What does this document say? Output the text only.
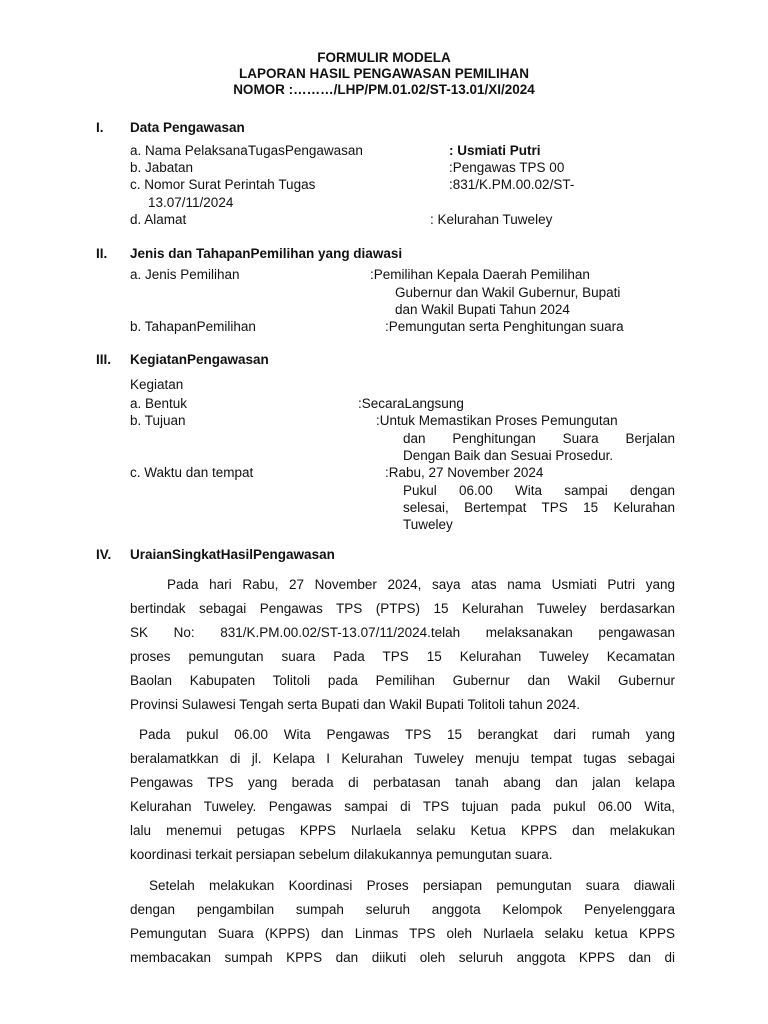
FORMULIR MODELA
LAPORAN HASIL PENGAWASAN PEMILIHAN
NOMOR :………/LHP/PM.01.02/ST-13.01/XI/2024
I. Data Pengawasan
a. Nama PelaksanaTugasPengawasan	: Usmiati Putri
b. Jabatan	:Pengawas TPS 00
c. Nomor Surat Perintah Tugas	:831/K.PM.00.02/ST-
13.07/11/2024
d. Alamat	: Kelurahan Tuweley
II. Jenis dan TahapanPemilihan yang diawasi
a. Jenis Pemilihan	:Pemilihan Kepala Daerah Pemilihan
Gubernur dan Wakil Gubernur, Bupati
dan Wakil Bupati Tahun 2024
b. TahapanPemilihan	:Pemungutan serta Penghitungan suara
III. KegiatanPengawasan
Kegiatan
a. Bentuk	:SecaraLangsung
b. Tujuan	:Untuk Memastikan Proses Pemungutan
dan Penghitungan Suara Berjalan
Dengan Baik dan Sesuai Prosedur.
c. Waktu dan tempat	:Rabu, 27 November 2024
Pukul 06.00 Wita sampai dengan
selesai, Bertempat TPS 15 Kelurahan
Tuweley
IV. UraianSingkatHasilPengawasan
Pada hari Rabu, 27 November 2024, saya atas nama Usmiati Putri yang
bertindak sebagai Pengawas TPS (PTPS) 15 Kelurahan Tuweley berdasarkan
SK No: 831/K.PM.00.02/ST-13.07/11/2024.telah melaksanakan pengawasan
proses pemungutan suara Pada TPS 15 Kelurahan Tuweley Kecamatan
Baolan Kabupaten Tolitoli pada Pemilihan Gubernur dan Wakil Gubernur
Provinsi Sulawesi Tengah serta Bupati dan Wakil Bupati Tolitoli tahun 2024.
Pada pukul 06.00 Wita Pengawas TPS 15 berangkat dari rumah yang
beralamatkkan di jl. Kelapa I Kelurahan Tuweley menuju tempat tugas sebagai
Pengawas TPS yang berada di perbatasan tanah abang dan jalan kelapa
Kelurahan Tuweley. Pengawas sampai di TPS tujuan pada pukul 06.00 Wita,
lalu menemui petugas KPPS Nurlaela selaku Ketua KPPS dan melakukan
koordinasi terkait persiapan sebelum dilakukannya pemungutan suara.
Setelah melakukan Koordinasi Proses persiapan pemungutan suara diawali
dengan pengambilan sumpah seluruh anggota Kelompok Penyelenggara
Pemungutan Suara (KPPS) dan Linmas TPS oleh Nurlaela selaku ketua KPPS
membacakan sumpah KPPS dan diikuti oleh seluruh anggota KPPS dan di
